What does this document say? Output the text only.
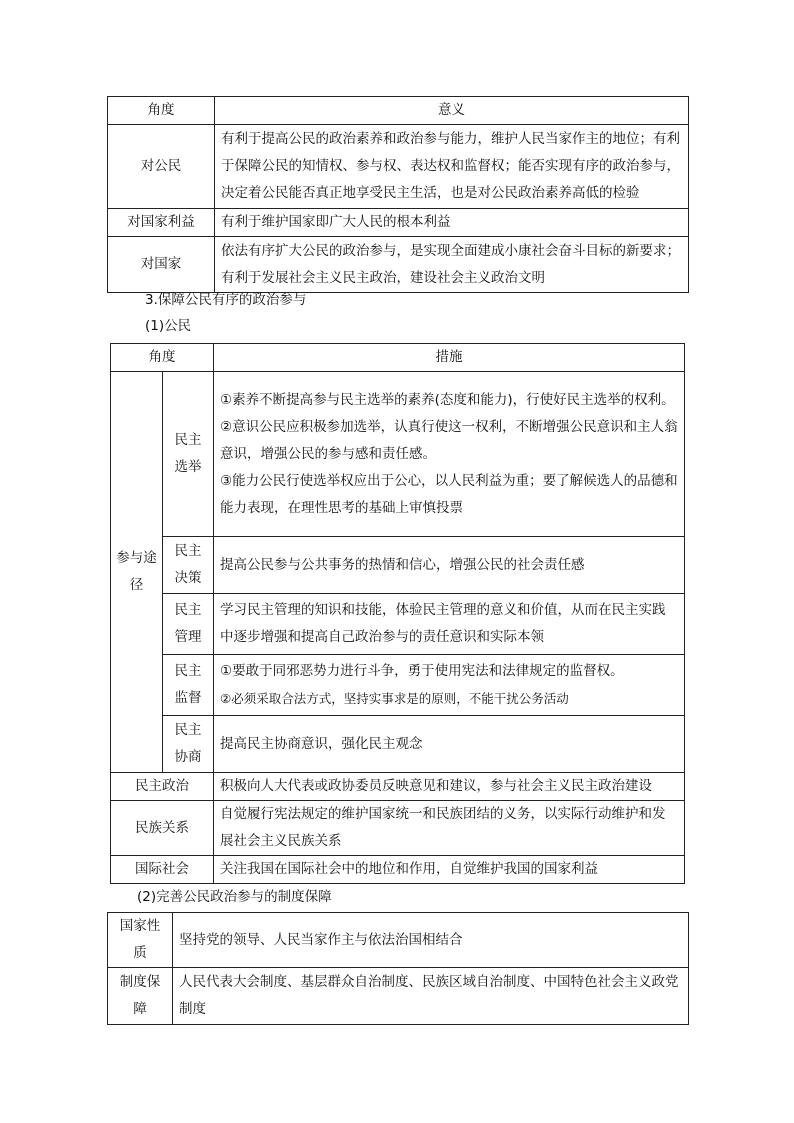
角度	意义
对公民	有利于提高公民的政治素养和政治参与能力，维护人民当家作主的地位；有利于保障公民的知情权、参与权、表达权和监督权；能否实现有序的政治参与，决定着公民能否真正地享受民主生活，也是对公民政治素养高低的检验
对国家利益	有利于维护国家即广大人民的根本利益
对国家	依法有序扩大公民的政治参与，是实现全面建成小康社会奋斗目标的新要求；有利于发展社会主义民主政治，建设社会主义政治文明
3.保障公民有序的政治参与
(1)公民
角度		措施
参与途径	民主选举	①素养不断提高参与民主选举的素养(态度和能力)，行使好民主选举的权利。
②意识公民应积极参加选举，认真行使这一权利，不断增强公民意识和主人翁意识，增强公民的参与感和责任感。
③能力公民行使选举权应出于公心，以人民利益为重；要了解候选人的品德和能力表现，在理性思考的基础上审慎投票

	民主决策	提高公民参与公共事务的热情和信心，增强公民的社会责任感
	民主管理	学习民主管理的知识和技能，体验民主管理的意义和价值，从而在民主实践中逐步增强和提高自己政治参与的责任意识和实际本领
	民主监督	①要敢于同邪恶势力进行斗争，勇于使用宪法和法律规定的监督权。
②必须采取合法方式，坚持实事求是的原则，不能干扰公务活动

	民主协商	提高民主协商意识，强化民主观念
民主政治		积极向人大代表或政协委员反映意见和建议，参与社会主义民主政治建设
民族关系		自觉履行宪法规定的维护国家统一和民族团结的义务，以实际行动维护和发展社会主义民族关系
国际社会		关注我国在国际社会中的地位和作用，自觉维护我国的国家利益
(2)完善公民政治参与的制度保障
国家性质	坚持党的领导、人民当家作主与依法治国相结合
制度保障	人民代表大会制度、基层群众自治制度、民族区域自治制度、中国特色社会主义政党制度
